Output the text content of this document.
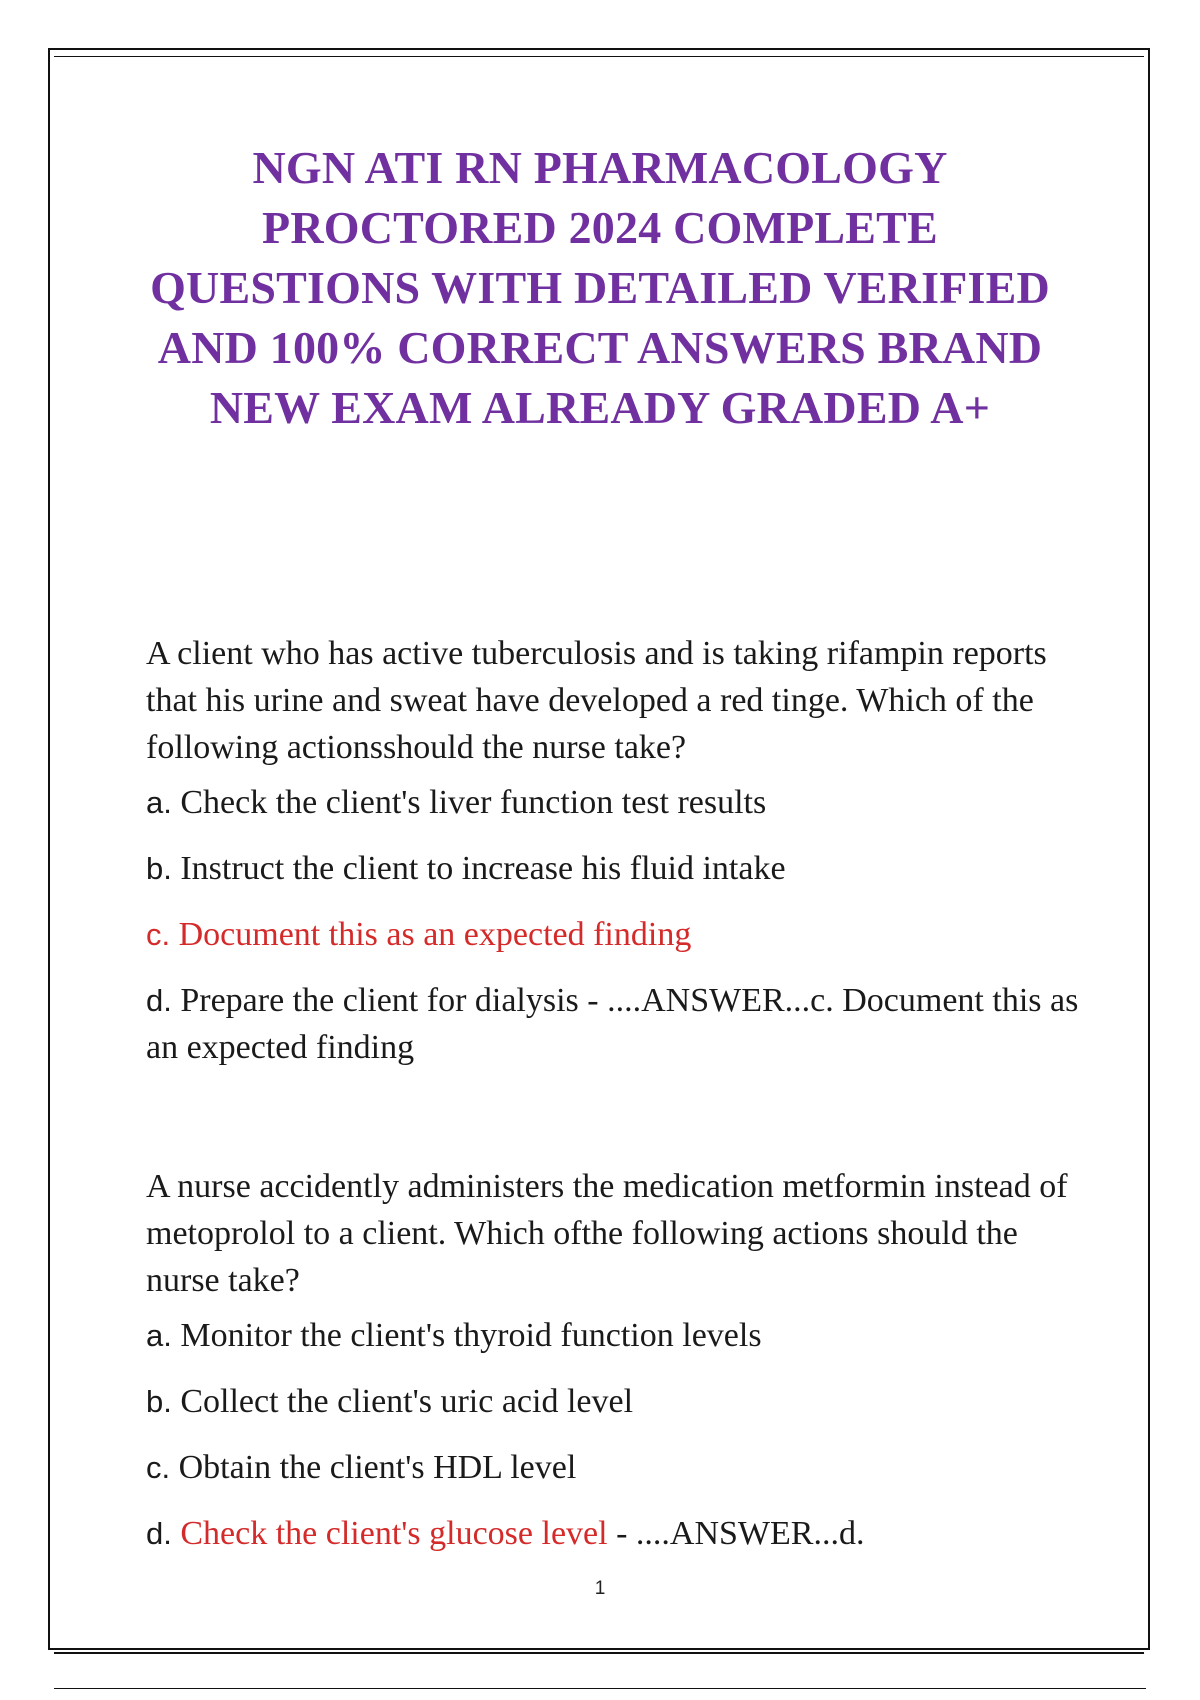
NGN ATI RN PHARMACOLOGY PROCTORED 2024 COMPLETE QUESTIONS WITH DETAILED VERIFIED AND 100% CORRECT ANSWERS BRAND NEW EXAM ALREADY GRADED A+

A client who has active tuberculosis and is taking rifampin reports that his urine and sweat have developed a red tinge. Which of the following actionsshould the nurse take?

a. Check the client's liver function test results

b. Instruct the client to increase his fluid intake

c. Document this as an expected finding

d. Prepare the client for dialysis - ....ANSWER...c. Document this as an expected finding

A nurse accidently administers the medication metformin instead of metoprolol to a client. Which ofthe following actions should the nurse take?

a. Monitor the client's thyroid function levels

b. Collect the client's uric acid level

c. Obtain the client's HDL level

d. Check the client's glucose level - ....ANSWER...d.

1
